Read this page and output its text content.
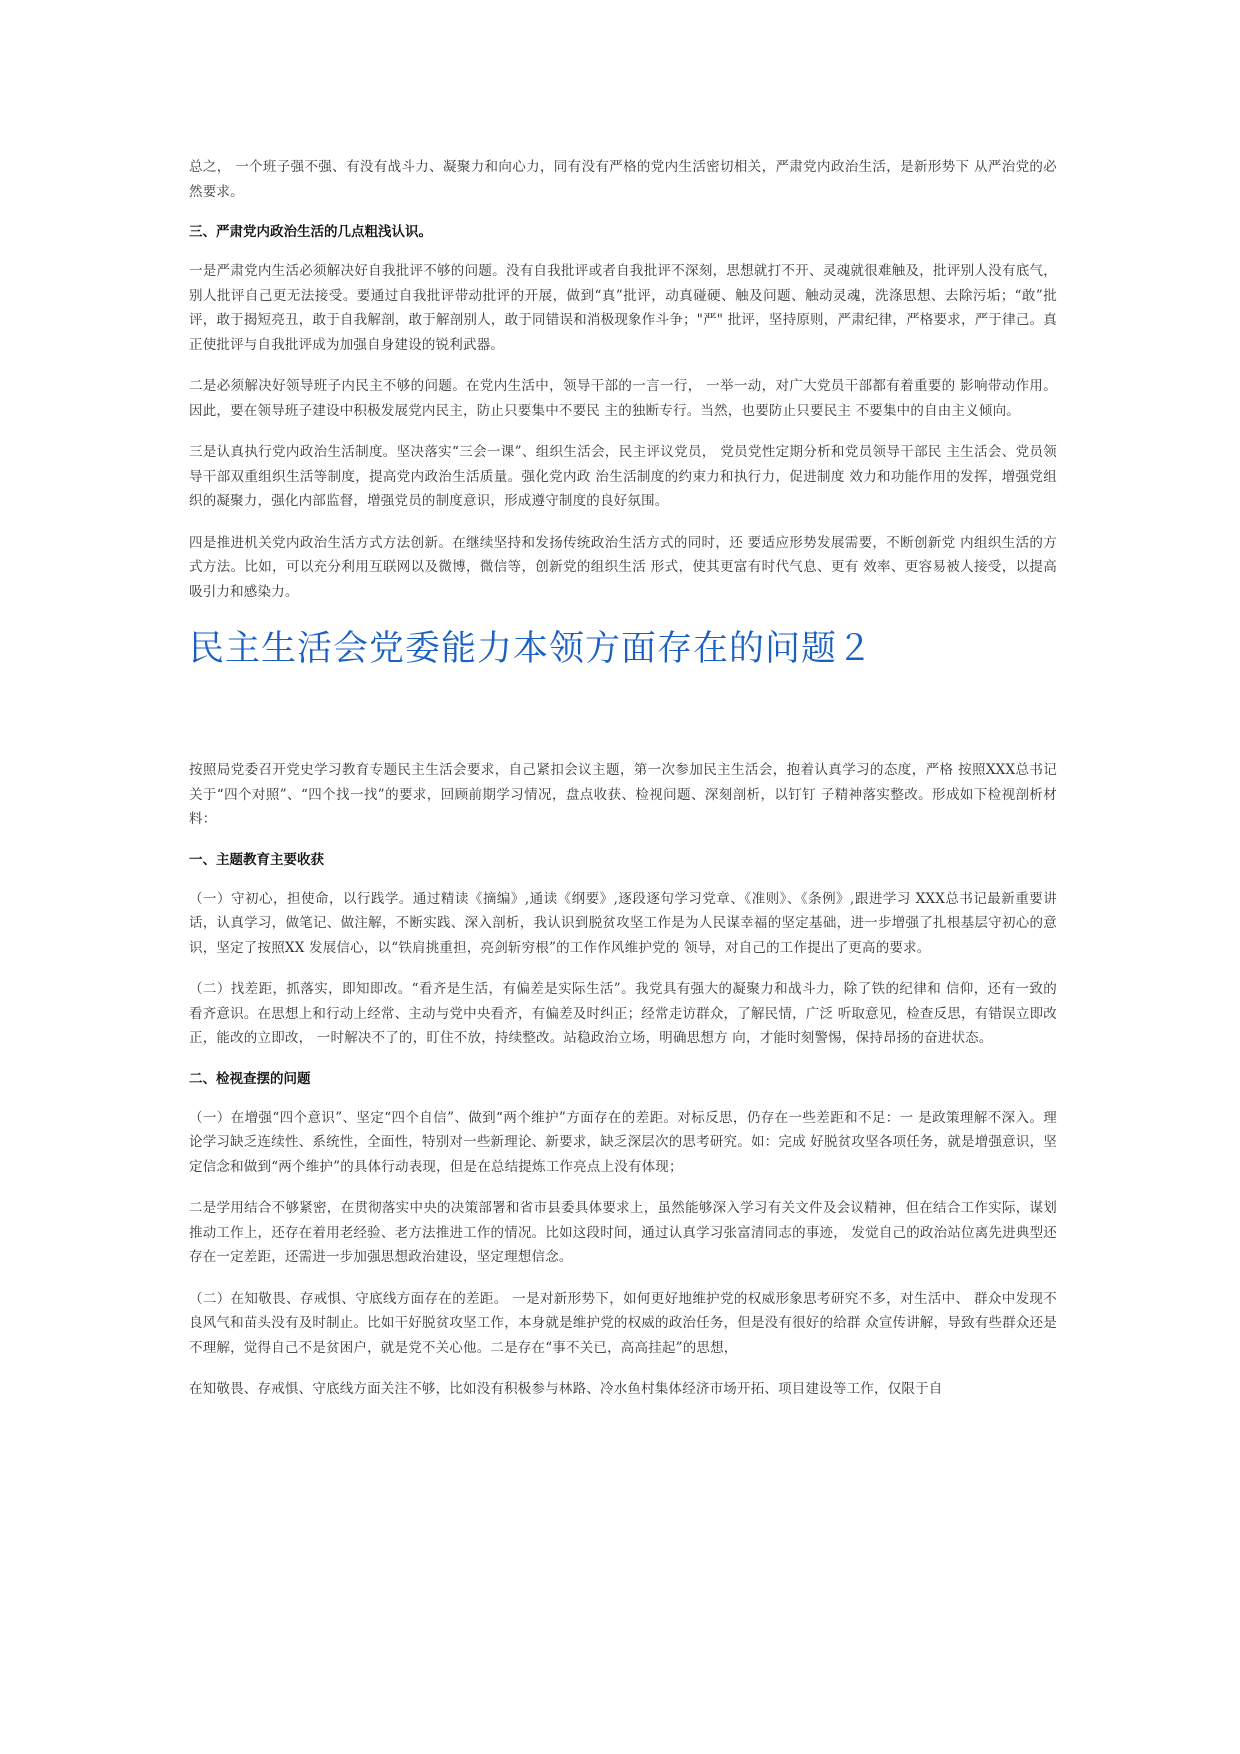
总之， 一个班子强不强、有没有战斗力、凝聚力和向心力，同有没有严格的党内生活密切相关，严肃党内政治生活，是新形势下 从严治党的必然要求。

三、严肃党内政治生活的几点粗浅认识。

一是严肃党内生活必须解决好自我批评不够的问题。没有自我批评或者自我批评不深刻，思想就打不开、灵魂就很难触及，批评别人没有底气，别人批评自己更无法接受。要通过自我批评带动批评的开展，做到“真”批评，动真碰硬、触及问题、触动灵魂，洗涤思想、去除污垢；“敢”批评，敢于揭短亮丑，敢于自我解剖，敢于解剖别人，敢于同错误和消极现象作斗争；"严" 批评，坚持原则，严肃纪律，严格要求，严于律己。真正使批评与自我批评成为加强自身建设的锐利武器。

二是必须解决好领导班子内民主不够的问题。在党内生活中，领导干部的一言一行， 一举一动，对广大党员干部都有着重要的 影响带动作用。因此，要在领导班子建设中积极发展党内民主，防止只要集中不要民 主的独断专行。当然，也要防止只要民主 不要集中的自由主义倾向。

三是认真执行党内政治生活制度。坚决落实“三会一课”、组织生活会，民主评议党员， 党员党性定期分析和党员领导干部民 主生活会、党员领导干部双重组织生活等制度，提高党内政治生活质量。强化党内政 治生活制度的约束力和执行力，促进制度 效力和功能作用的发挥，增强党组织的凝聚力，强化内部监督，增强党员的制度意识，形成遵守制度的良好氛围。

四是推进机关党内政治生活方式方法创新。在继续坚持和发扬传统政治生活方式的同时，还 要适应形势发展需要，不断创新党 内组织生活的方式方法。比如，可以充分利用互联网以及微博，微信等，创新党的组织生活 形式，使其更富有时代气息、更有 效率、更容易被人接受，以提高吸引力和感染力。

民主生活会党委能力本领方面存在的问题２

按照局党委召开党史学习教育专题民主生活会要求，自己紧扣会议主题，第一次参加民主生活会，抱着认真学习的态度，严格 按照XXX总书记关于“四个对照”、“四个找一找”的要求，回顾前期学习情况，盘点收获、检视问题、深刻剖析，以钉钉 子精神落实整改。形成如下检视剖析材料：

一、主题教育主要收获

（一）守初心，担使命，以行践学。通过精读《摘编》,通读《纲要》,逐段逐句学习党章、《准则》、《条例》,跟进学习 XXX总书记最新重要讲话，认真学习，做笔记、做注解，不断实践、深入剖析，我认识到脱贫攻坚工作是为人民谋幸福的坚定基础，进一步增强了扎根基层守初心的意识，坚定了按照XX 发展信心，以“铁肩挑重担，亮剑斩穷根”的工作作风维护党的 领导，对自己的工作提出了更高的要求。

（二）找差距，抓落实，即知即改。“看齐是生活，有偏差是实际生活”。我党具有强大的凝聚力和战斗力，除了铁的纪律和 信仰，还有一致的看齐意识。在思想上和行动上经常、主动与党中央看齐，有偏差及时纠正；经常走访群众，了解民情，广泛 听取意见，检查反思，有错误立即改正，能改的立即改， 一时解决不了的，盯住不放，持续整改。站稳政治立场，明确思想方 向，才能时刻警惕，保持昂扬的奋进状态。

二、检视查摆的问题

（一）在增强“四个意识”、坚定“四个自信”、做到“两个维护”方面存在的差距。对标反思，仍存在一些差距和不足：一 是政策理解不深入。理论学习缺乏连续性、系统性，全面性，特别对一些新理论、新要求，缺乏深层次的思考研究。如：完成 好脱贫攻坚各项任务，就是增强意识，坚定信念和做到“两个维护”的具体行动表现，但是在总结提炼工作亮点上没有体现；

二是学用结合不够紧密，在贯彻落实中央的决策部署和省市县委具体要求上，虽然能够深入学习有关文件及会议精神，但在结合工作实际，谋划推动工作上，还存在着用老经验、老方法推进工作的情况。比如这段时间，通过认真学习张富清同志的事迹， 发觉自己的政治站位离先进典型还存在一定差距，还需进一步加强思想政治建设，坚定理想信念。

（二）在知敬畏、存戒惧、守底线方面存在的差距。 一是对新形势下，如何更好地维护党的权威形象思考研究不多，对生活中、 群众中发现不良风气和苗头没有及时制止。比如干好脱贫攻坚工作，本身就是维护党的权威的政治任务，但是没有很好的给群 众宣传讲解，导致有些群众还是不理解，觉得自己不是贫困户，就是党不关心他。二是存在“事不关已，高高挂起”的思想，

在知敬畏、存戒惧、守底线方面关注不够，比如没有积极参与林路、冷水鱼村集体经济市场开拓、项目建设等工作，仅限于自
